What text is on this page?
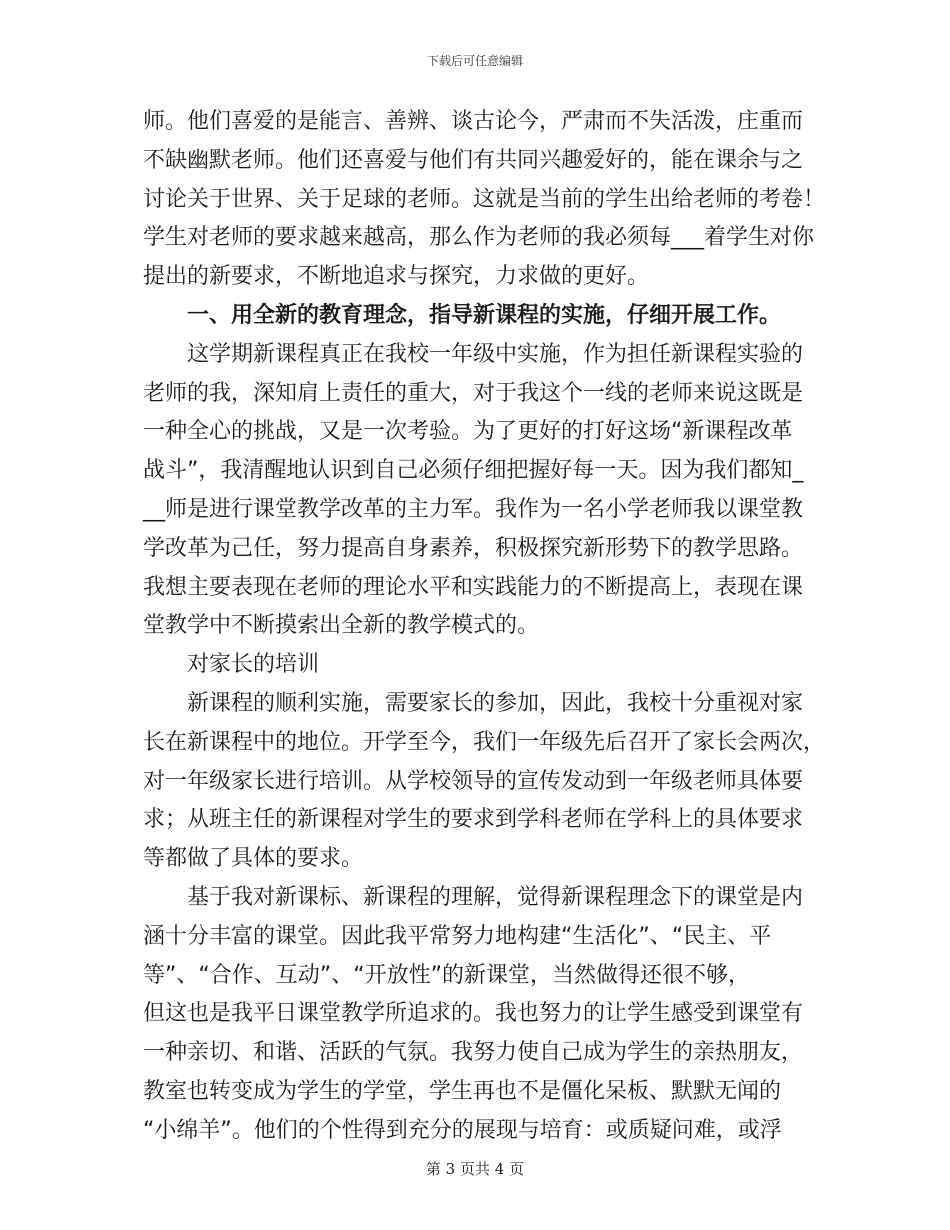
下载后可任意编辑
师。他们喜爱的是能言、善辨、谈古论今，严肃而不失活泼，庄重而
不缺幽默老师。他们还喜爱与他们有共同兴趣爱好的，能在课余与之
讨论关于世界、关于足球的老师。这就是当前的学生出给老师的考卷！
学生对老师的要求越来越高，那么作为老师的我必须每___着学生对你
提出的新要求，不断地追求与探究，力求做的更好。
一、用全新的教育理念，指导新课程的实施，仔细开展工作。
这学期新课程真正在我校一年级中实施，作为担任新课程实验的
老师的我，深知肩上责任的重大，对于我这个一线的老师来说这既是
一种全心的挑战，又是一次考验。为了更好的打好这场“新课程改革
战斗”，我清醒地认识到自己必须仔细把握好每一天。因为我们都知_
__师是进行课堂教学改革的主力军。我作为一名小学老师我以课堂教
学改革为己任，努力提高自身素养，积极探究新形势下的教学思路。
我想主要表现在老师的理论水平和实践能力的不断提高上，表现在课
堂教学中不断摸索出全新的教学模式的。
对家长的培训
新课程的顺利实施，需要家长的参加，因此，我校十分重视对家
长在新课程中的地位。开学至今，我们一年级先后召开了家长会两次，
对一年级家长进行培训。从学校领导的宣传发动到一年级老师具体要
求；从班主任的新课程对学生的要求到学科老师在学科上的具体要求
等都做了具体的要求。
基于我对新课标、新课程的理解，觉得新课程理念下的课堂是内
涵十分丰富的课堂。因此我平常努力地构建“生活化”、“民主、平
等”、“合作、互动”、“开放性”的新课堂，当然做得还很不够，
但这也是我平日课堂教学所追求的。我也努力的让学生感受到课堂有
一种亲切、和谐、活跃的气氛。我努力使自己成为学生的亲热朋友，
教室也转变成为学生的学堂，学生再也不是僵化呆板、默默无闻的
“小绵羊”。他们的个性得到充分的展现与培育：或质疑问难，或浮
第 3 页共 4 页
